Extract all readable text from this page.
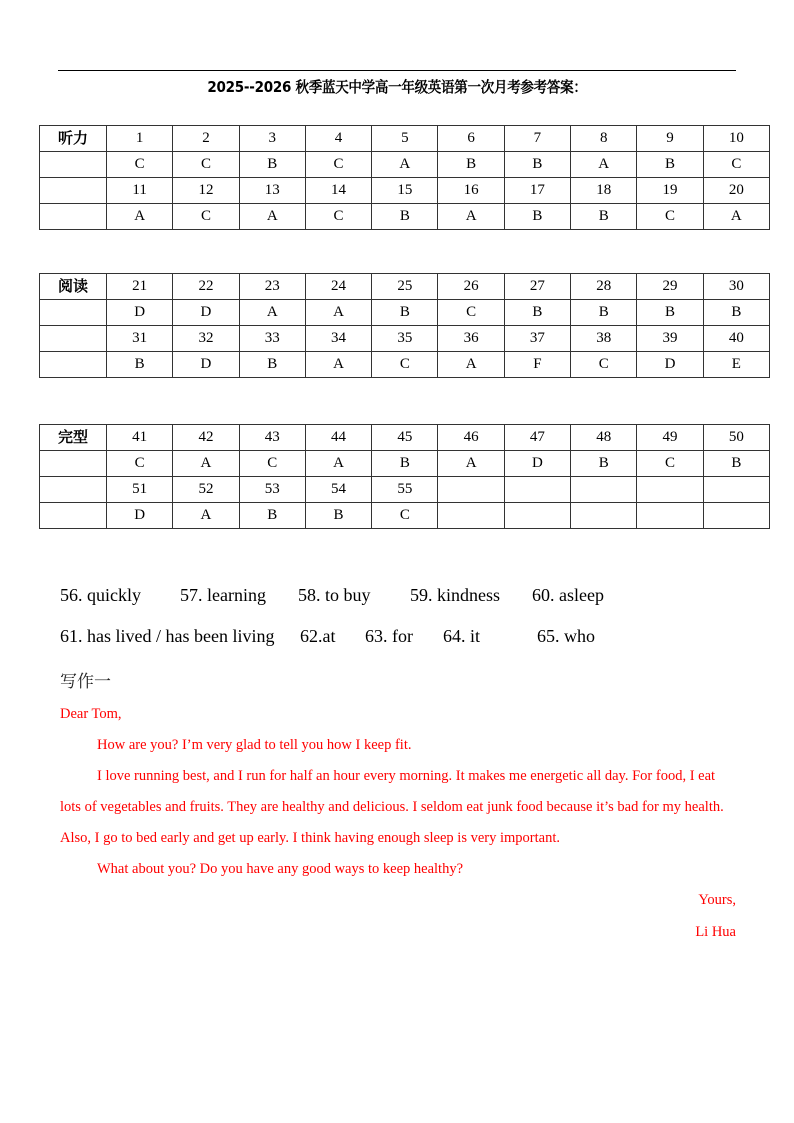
2025--2026 秋季蓝天中学高一年级英语第一次月考参考答案：
听力	1	2	3	4	5	6	7	8	9	10
	C	C	B	C	A	B	B	A	B	C
	11	12	13	14	15	16	17	18	19	20
	A	C	A	C	B	A	B	B	C	A
阅读	21	22	23	24	25	26	27	28	29	30
	D	D	A	A	B	C	B	B	B	B
	31	32	33	34	35	36	37	38	39	40
	B	D	B	A	C	A	F	C	D	E
完型	41	42	43	44	45	46	47	48	49	50
	C	A	C	A	B	A	D	B	C	B
	51	52	53	54	55					
	D	A	B	B	C					
56. quickly 57. learning 58. to buy 59. kindness 60. asleep
61. has lived / has been living 62.at 63. for 64. it	65. who
写作一
Dear Tom,
How are you? I’m very glad to tell you how I keep fit.
I love running best, and I run for half an hour every morning. It makes me energetic all day. For food, I eat
lots of vegetables and fruits. They are healthy and delicious. I seldom eat junk food because it’s bad for my health.
Also, I go to bed early and get up early. I think having enough sleep is very important.
What about you? Do you have any good ways to keep healthy?
Yours,
Li Hua
